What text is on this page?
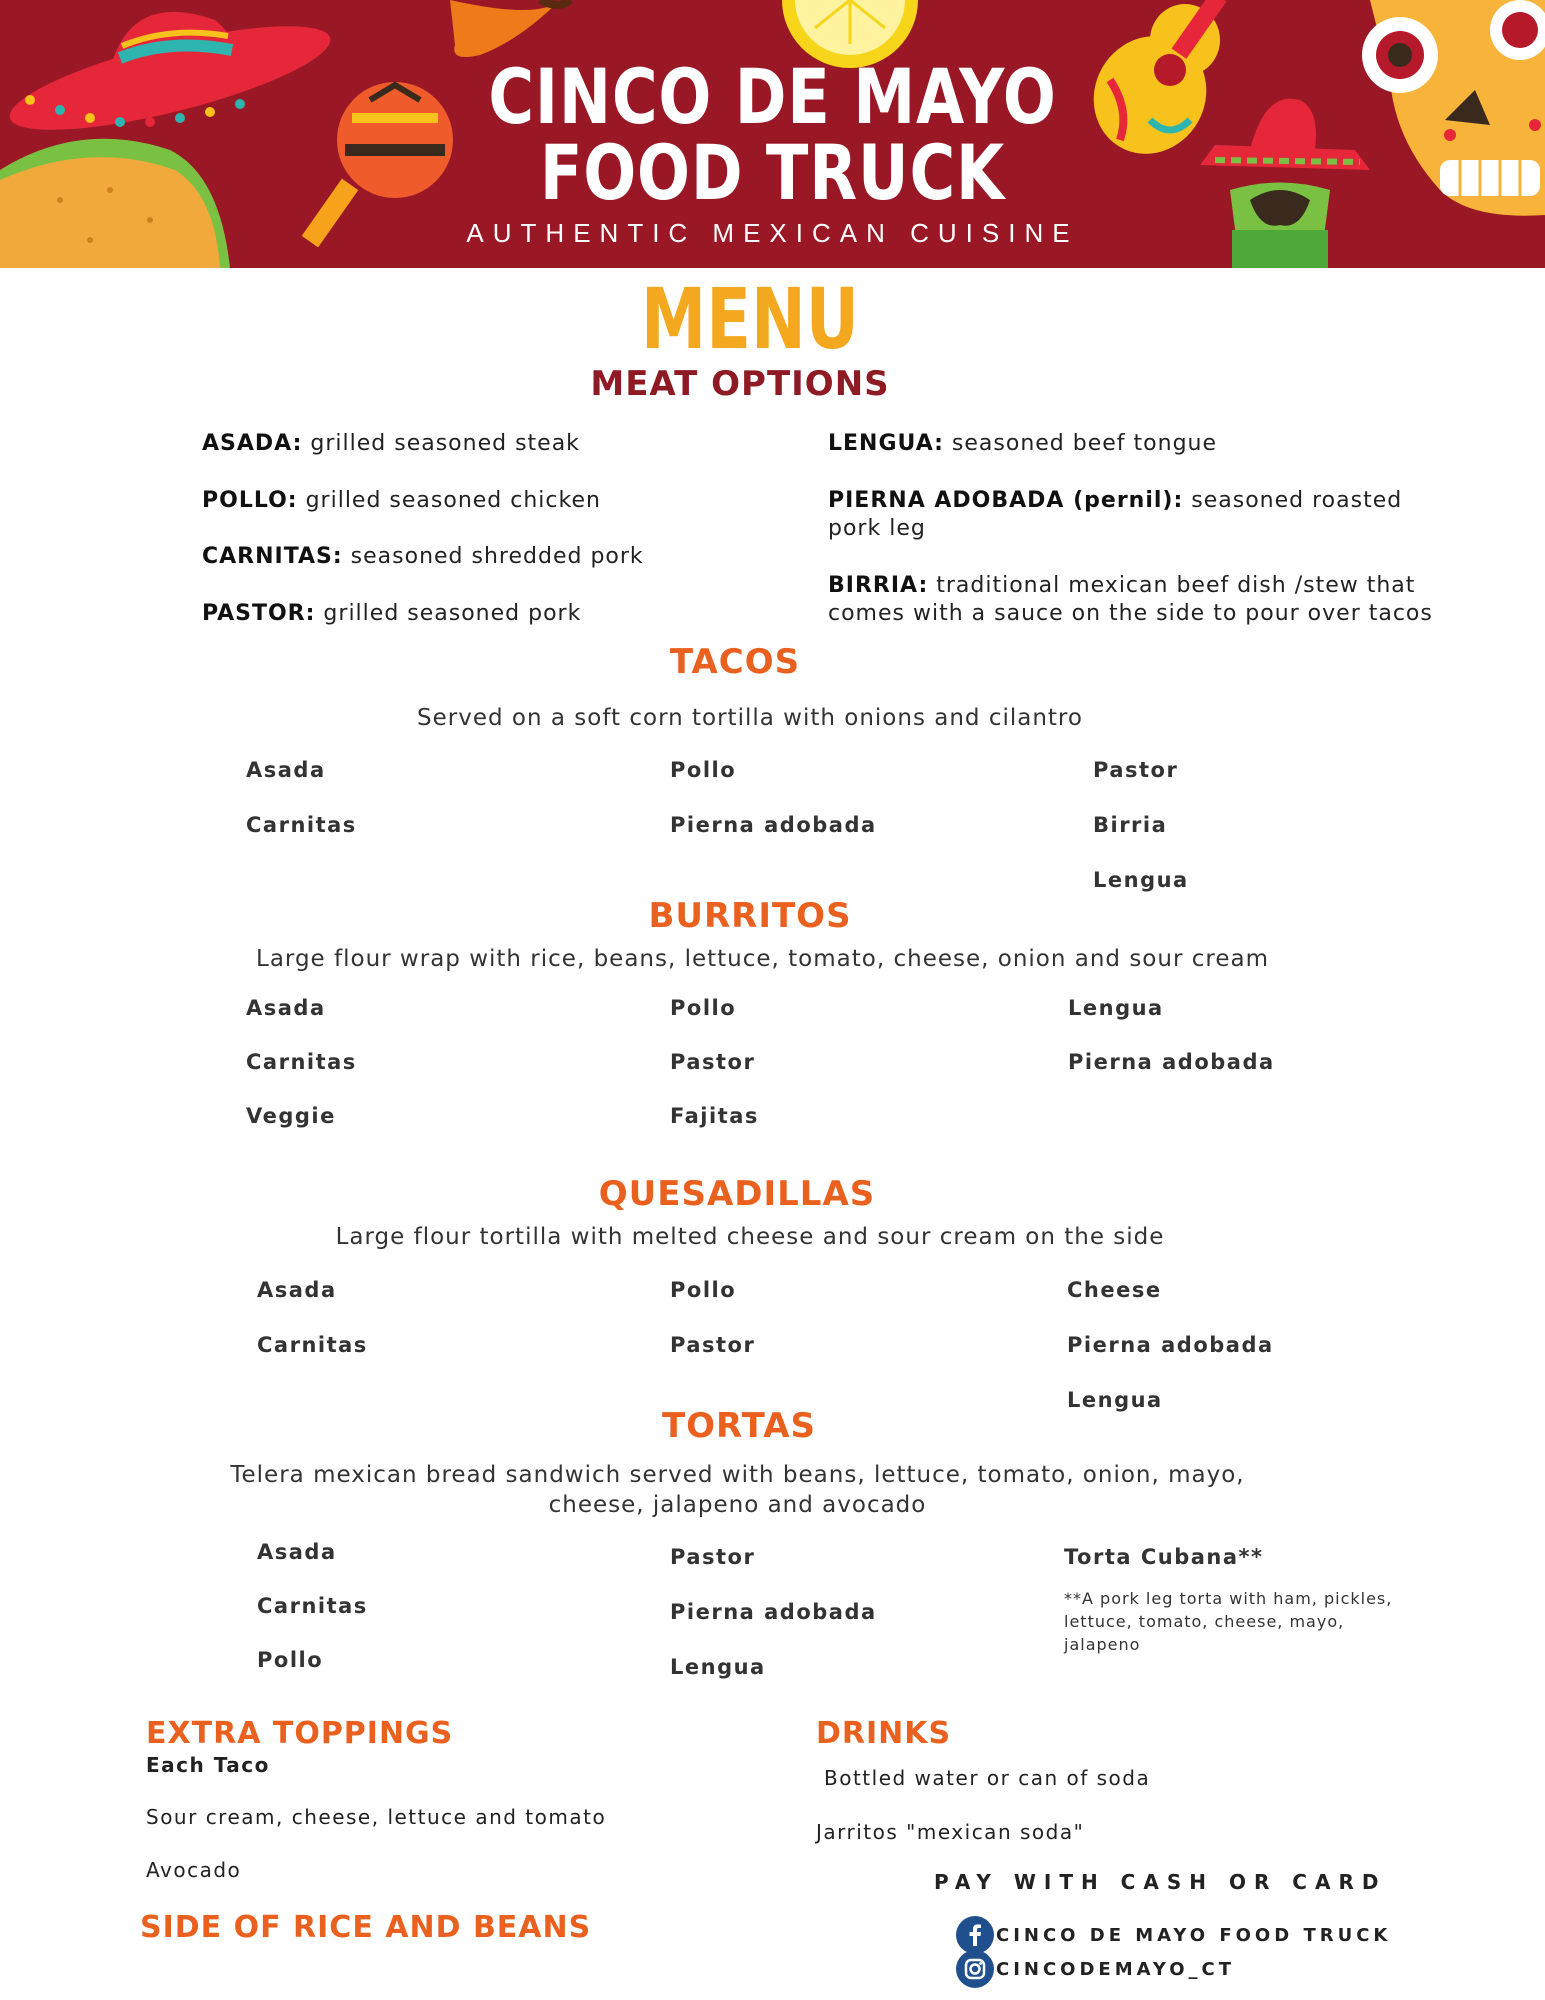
CINCO DE MAYO
FOOD TRUCK
AUTHENTIC MEXICAN CUISINE
MENU
MEAT OPTIONS
ASADA: grilled seasoned steak
POLLO: grilled seasoned chicken
CARNITAS: seasoned shredded pork
PASTOR: grilled seasoned pork
LENGUA: seasoned beef tongue
PIERNA ADOBADA (pernil): seasoned roasted pork leg
BIRRIA: traditional mexican beef dish /stew that comes with a sauce on the side to pour over tacos
TACOS
Served on a soft corn tortilla with onions and cilantro
Asada
Carnitas
Pollo
Pierna adobada
Pastor
Birria
Lengua
BURRITOS
Large flour wrap with rice, beans, lettuce, tomato, cheese, onion and sour cream
Asada
Carnitas
Veggie
Pollo
Pastor
Fajitas
Lengua
Pierna adobada
QUESADILLAS
Large flour tortilla with melted cheese and sour cream on the side
Asada
Carnitas
Pollo
Pastor
Cheese
Pierna adobada
Lengua
TORTAS
Telera mexican bread sandwich served with beans, lettuce, tomato, onion, mayo,
cheese, jalapeno and avocado
Asada
Carnitas
Pollo
Pastor
Pierna adobada
Lengua
Torta Cubana**
**A pork leg torta with ham, pickles,
lettuce, tomato, cheese, mayo,
jalapeno
EXTRA TOPPINGS
Each Taco
Sour cream, cheese, lettuce and tomato
Avocado
SIDE OF RICE AND BEANS
DRINKS
Bottled water or can of soda
Jarritos "mexican soda"
PAY WITH CASH OR CARD
CINCO DE MAYO FOOD TRUCK
CINCODEMAYO_CT
